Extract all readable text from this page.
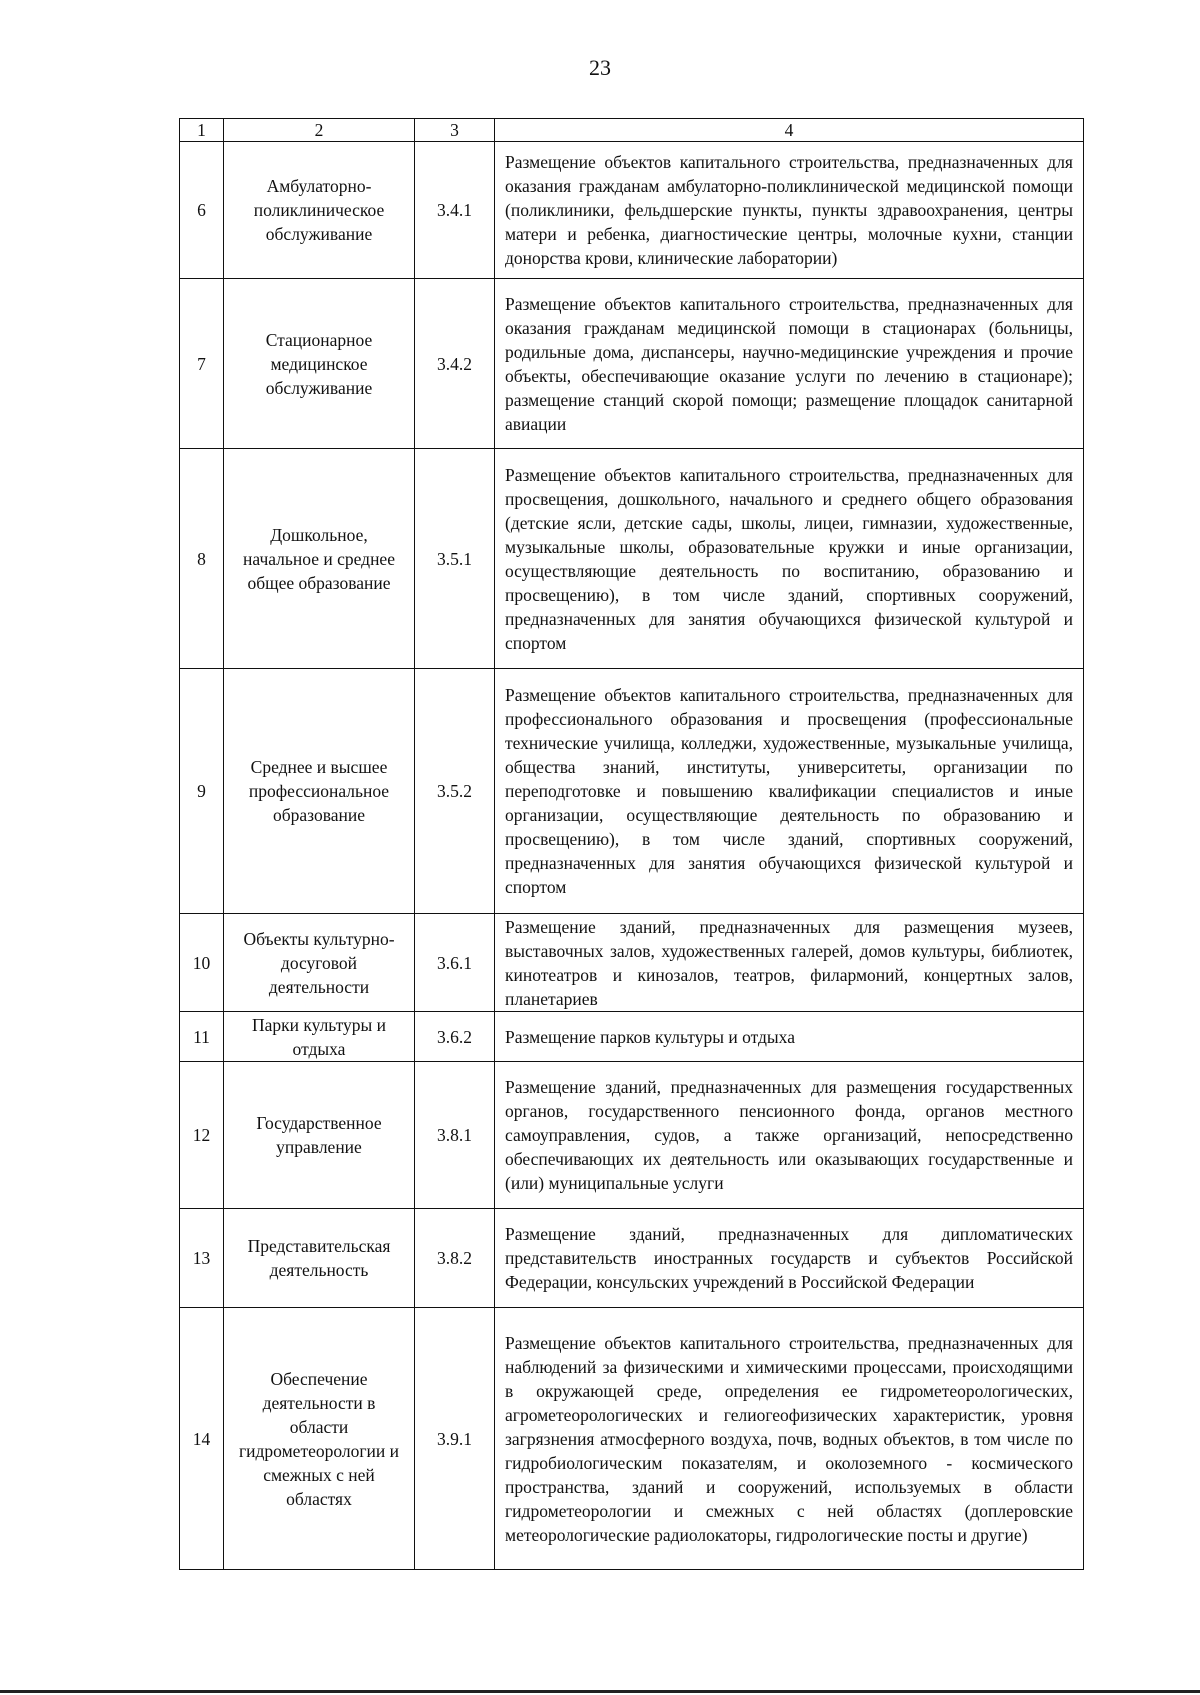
23
1	2	3	4
6	Амбулаторно-поликлиническое обслуживание	3.4.1	Размещение объектов капитального строительства, предназначенных для оказания гражданам амбулаторно-поликлинической медицинской помощи (поликлиники, фельдшерские пункты, пункты здравоохранения, центры матери и ребенка, диагностические центры, молочные кухни, станции донорства крови, клинические лаборатории)
7	Стационарное медицинское обслуживание	3.4.2	Размещение объектов капитального строительства, предназначенных для оказания гражданам медицинской помощи в стационарах (больницы, родильные дома, диспансеры, научно-медицинские учреждения и прочие объекты, обеспечивающие оказание услуги по лечению в стационаре); размещение станций скорой помощи; размещение площадок санитарной авиации
8	Дошкольное, начальное и среднее общее образование	3.5.1	Размещение объектов капитального строительства, предназначенных для просвещения, дошкольного, начального и среднего общего образования (детские ясли, детские сады, школы, лицеи, гимназии, художественные, музыкальные школы, образовательные кружки и иные организации, осуществляющие деятельность по воспитанию, образованию и просвещению), в том числе зданий, спортивных сооружений, предназначенных для занятия обучающихся физической культурой и спортом
9	Среднее и высшее профессиональное образование	3.5.2	Размещение объектов капитального строительства, предназначенных для профессионального образования и просвещения (профессиональные технические училища, колледжи, художественные, музыкальные училища, общества знаний, институты, университеты, организации по переподготовке и повышению квалификации специалистов и иные организации, осуществляющие деятельность по образованию и просвещению), в том числе зданий, спортивных сооружений, предназначенных для занятия обучающихся физической культурой и спортом
10	Объекты культурно-досуговой деятельности	3.6.1	Размещение зданий, предназначенных для размещения музеев, выставочных залов, художественных галерей, домов культуры, библиотек, кинотеатров и кинозалов, театров, филармоний, концертных залов, планетариев
11	Парки культуры и отдыха	3.6.2	Размещение парков культуры и отдыха
12	Государственное управление	3.8.1	Размещение зданий, предназначенных для размещения государственных органов, государственного пенсионного фонда, органов местного самоуправления, судов, а также организаций, непосредственно обеспечивающих их деятельность или оказывающих государственные и (или) муниципальные услуги
13	Представительская деятельность	3.8.2	Размещение зданий, предназначенных для дипломатических представительств иностранных государств и субъектов Российской Федерации, консульских учреждений в Российской Федерации
14	Обеспечение деятельности в области гидрометеорологии и смежных с ней областях	3.9.1	Размещение объектов капитального строительства, предназначенных для наблюдений за физическими и химическими процессами, происходящими в окружающей среде, определения ее гидрометеорологических, агрометеорологических и гелиогеофизических характеристик, уровня загрязнения атмосферного воздуха, почв, водных объектов, в том числе по гидробиологическим показателям, и околоземного - космического пространства, зданий и сооружений, используемых в области гидрометеорологии и смежных с ней областях (доплеровские метеорологические радиолокаторы, гидрологические посты и другие)
